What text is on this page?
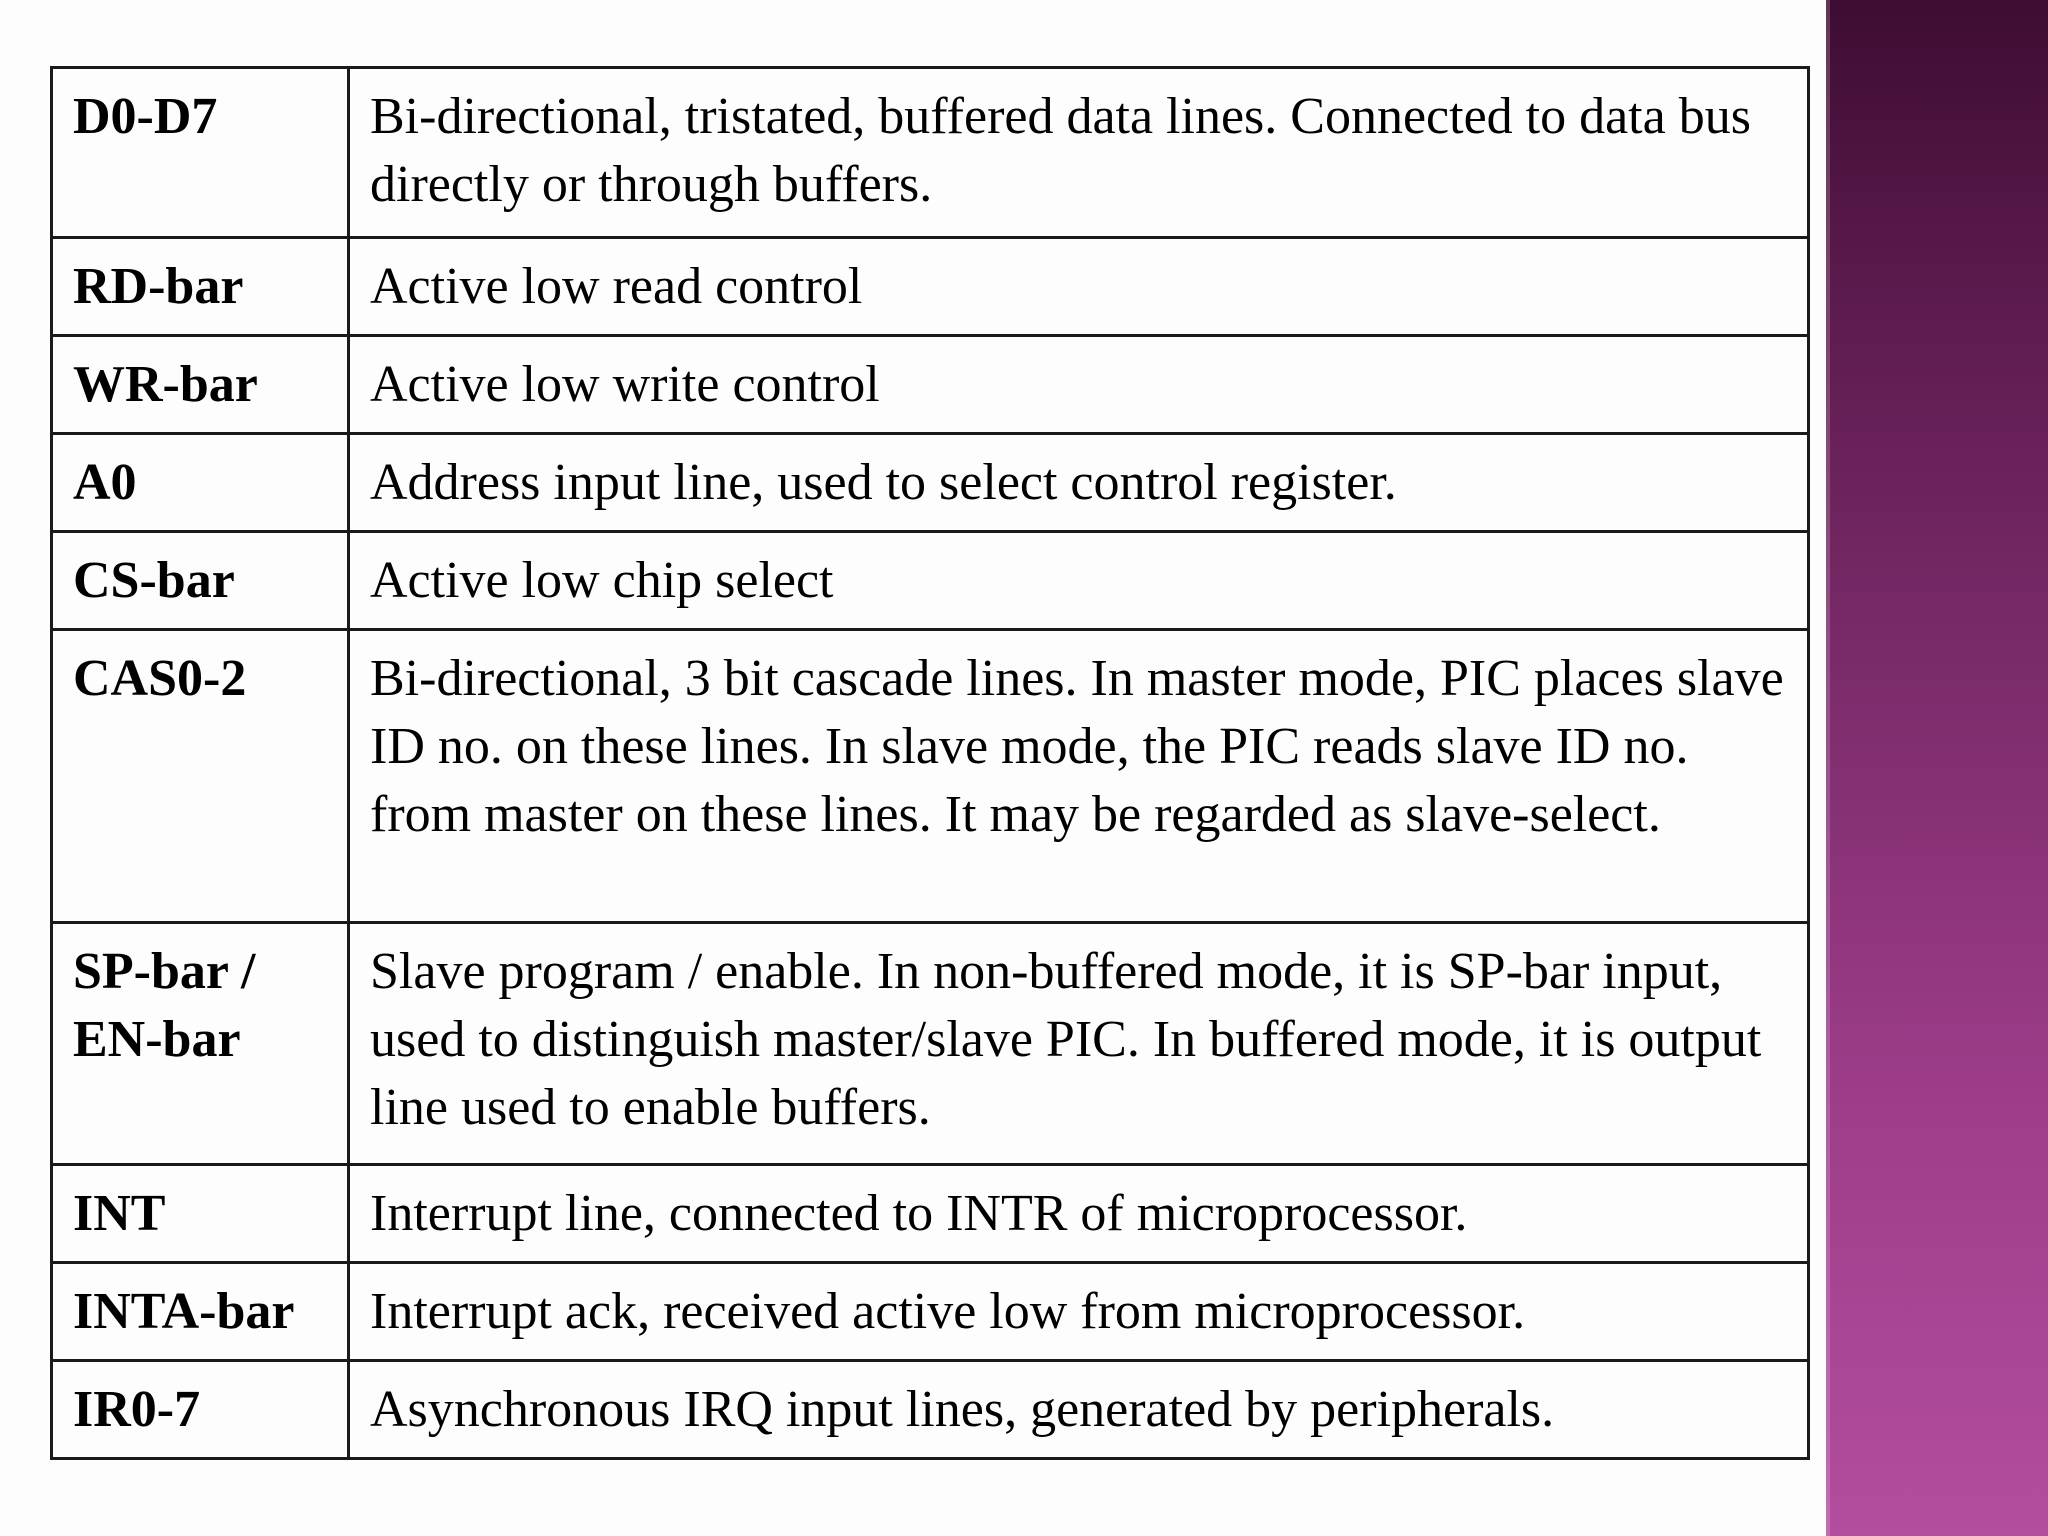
D0-D7	Bi-directional, tristated, buffered data lines. Connected to data bus directly or through buffers.
RD-bar	Active low read control
WR-bar	Active low write control
A0	Address input line, used to select control register.
CS-bar	Active low chip select
CAS0-2	Bi-directional, 3 bit cascade lines. In master mode, PIC places slave ID no. on these lines. In slave mode, the PIC reads slave ID no. from master on these lines. It may be regarded as slave-select.
SP-bar / EN-bar	Slave program / enable. In non-buffered mode, it is SP-bar input, used to distinguish master/slave PIC. In buffered mode, it is output line used to enable buffers.
INT	Interrupt line, connected to INTR of microprocessor.
INTA-bar	Interrupt ack, received active low from microprocessor.
IR0-7	Asynchronous IRQ input lines, generated by peripherals.
